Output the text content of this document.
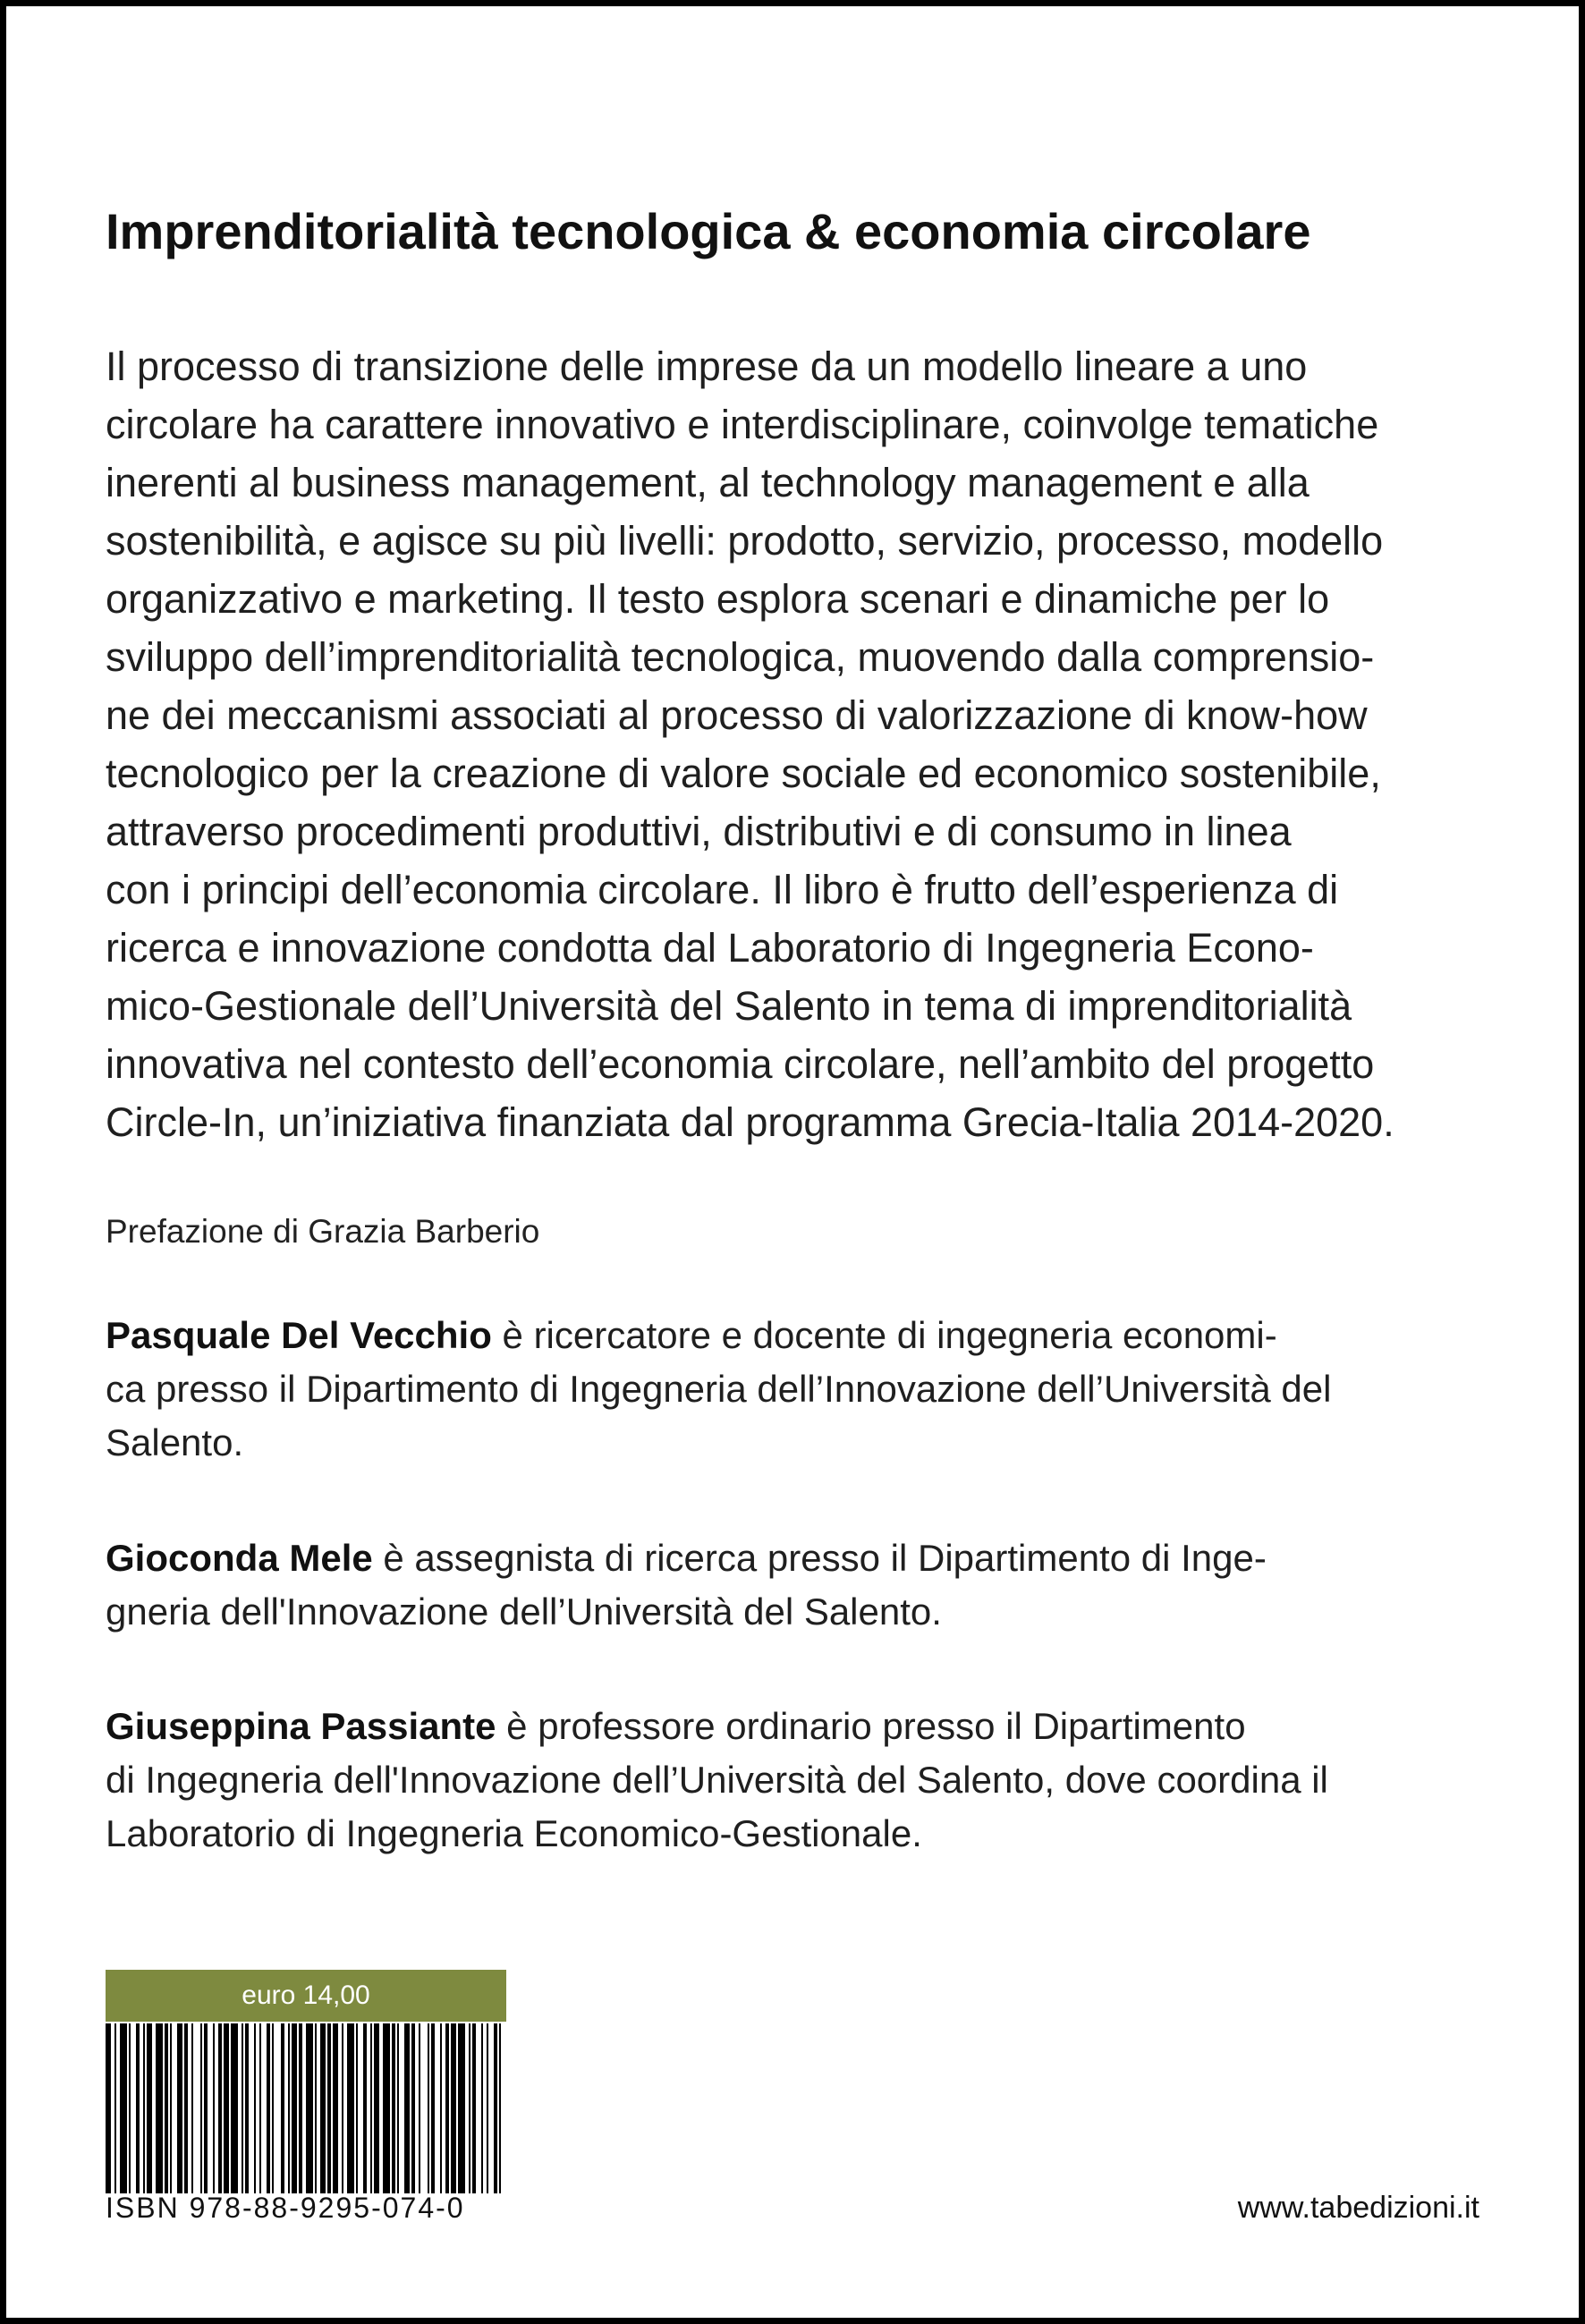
Imprenditorialità tecnologica & economia circolare
Il processo di transizione delle imprese da un modello lineare a uno
circolare ha carattere innovativo e interdisciplinare, coinvolge tematiche
inerenti al business management, al technology management e alla
sostenibilità, e agisce su più livelli: prodotto, servizio, processo, modello
organizzativo e marketing. Il testo esplora scenari e dinamiche per lo
sviluppo dell’imprenditorialità tecnologica, muovendo dalla comprensio-
ne dei meccanismi associati al processo di valorizzazione di know-how
tecnologico per la creazione di valore sociale ed economico sostenibile,
attraverso procedimenti produttivi, distributivi e di consumo in linea
con i principi dell’economia circolare. Il libro è frutto dell’esperienza di
ricerca e innovazione condotta dal Laboratorio di Ingegneria Econo-
mico-Gestionale dell’Università del Salento in tema di imprenditorialità
innovativa nel contesto dell’economia circolare, nell’ambito del progetto
Circle-In, un’iniziativa finanziata dal programma Grecia-Italia 2014-2020.
Prefazione di Grazia Barberio
Pasquale Del Vecchio è ricercatore e docente di ingegneria economi-
ca presso il Dipartimento di Ingegneria dell’Innovazione dell’Università del
Salento.
Gioconda Mele è assegnista di ricerca presso il Dipartimento di Inge-
gneria dell'Innovazione dell’Università del Salento.
Giuseppina Passiante è professore ordinario presso il Dipartimento
di Ingegneria dell'Innovazione dell’Università del Salento, dove coordina il
Laboratorio di Ingegneria Economico-Gestionale.
euro 14,00
ISBN 978-88-9295-074-0	www.tabedizioni.it
